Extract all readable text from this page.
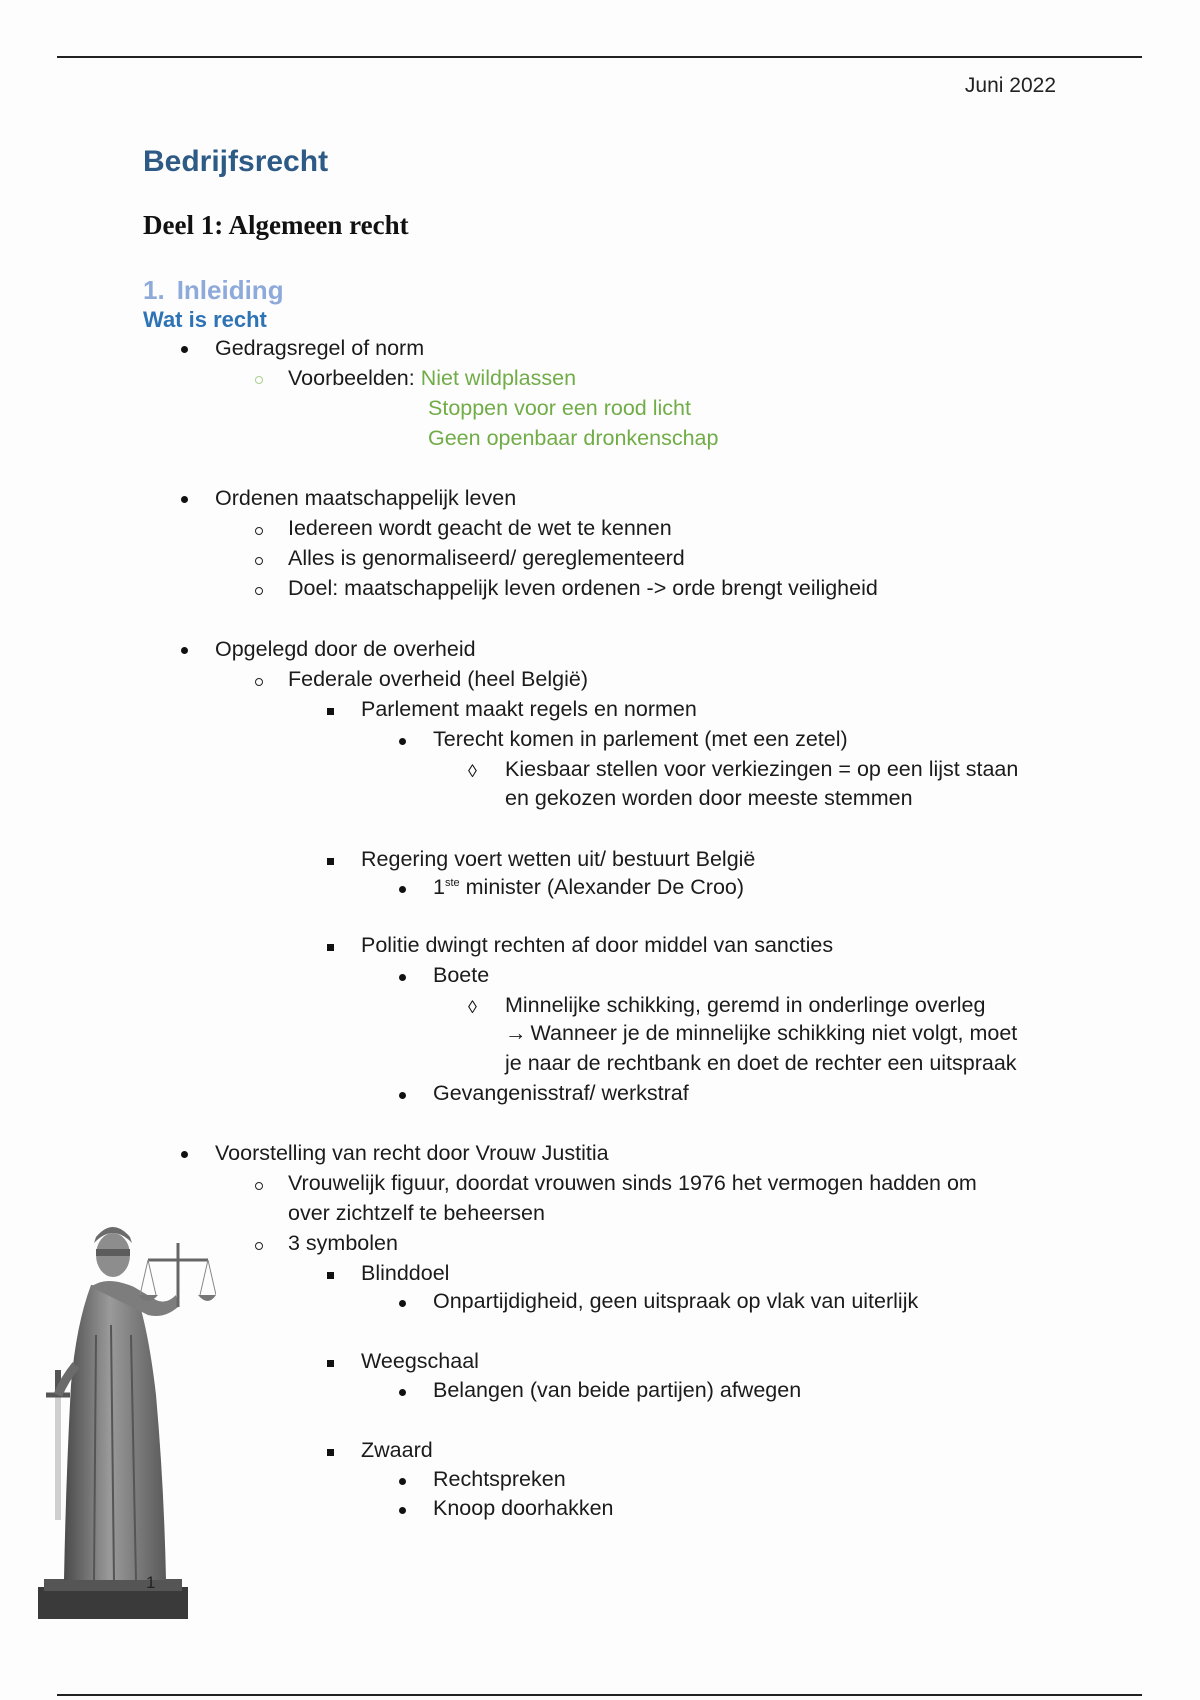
Juni 2022
Bedrijfsrecht
Deel 1: Algemeen recht
1. Inleiding
Wat is recht
Gedragsregel of norm
Voorbeelden: Niet wildplassen
Stoppen voor een rood licht
Geen openbaar dronkenschap
Ordenen maatschappelijk leven
Iedereen wordt geacht de wet te kennen
Alles is genormaliseerd/ gereglementeerd
Doel: maatschappelijk leven ordenen -> orde brengt veiligheid
Opgelegd door de overheid
Federale overheid (heel België)
Parlement maakt regels en normen
Terecht komen in parlement (met een zetel)
◊ Kiesbaar stellen voor verkiezingen = op een lijst staan
en gekozen worden door meeste stemmen
Regering voert wetten uit/ bestuurt België
1ste minister (Alexander De Croo)
Politie dwingt rechten af door middel van sancties
Boete
◊ Minnelijke schikking, geremd in onderlinge overleg
→ Wanneer je de minnelijke schikking niet volgt, moet
je naar de rechtbank en doet de rechter een uitspraak
Gevangenisstraf/ werkstraf
Voorstelling van recht door Vrouw Justitia
Vrouwelijk figuur, doordat vrouwen sinds 1976 het vermogen hadden om
over zichtzelf te beheersen
3 symbolen
Blinddoel
Onpartijdigheid, geen uitspraak op vlak van uiterlijk
Weegschaal
Belangen (van beide partijen) afwegen
Zwaard
Rechtspreken
Knoop doorhakken
1
